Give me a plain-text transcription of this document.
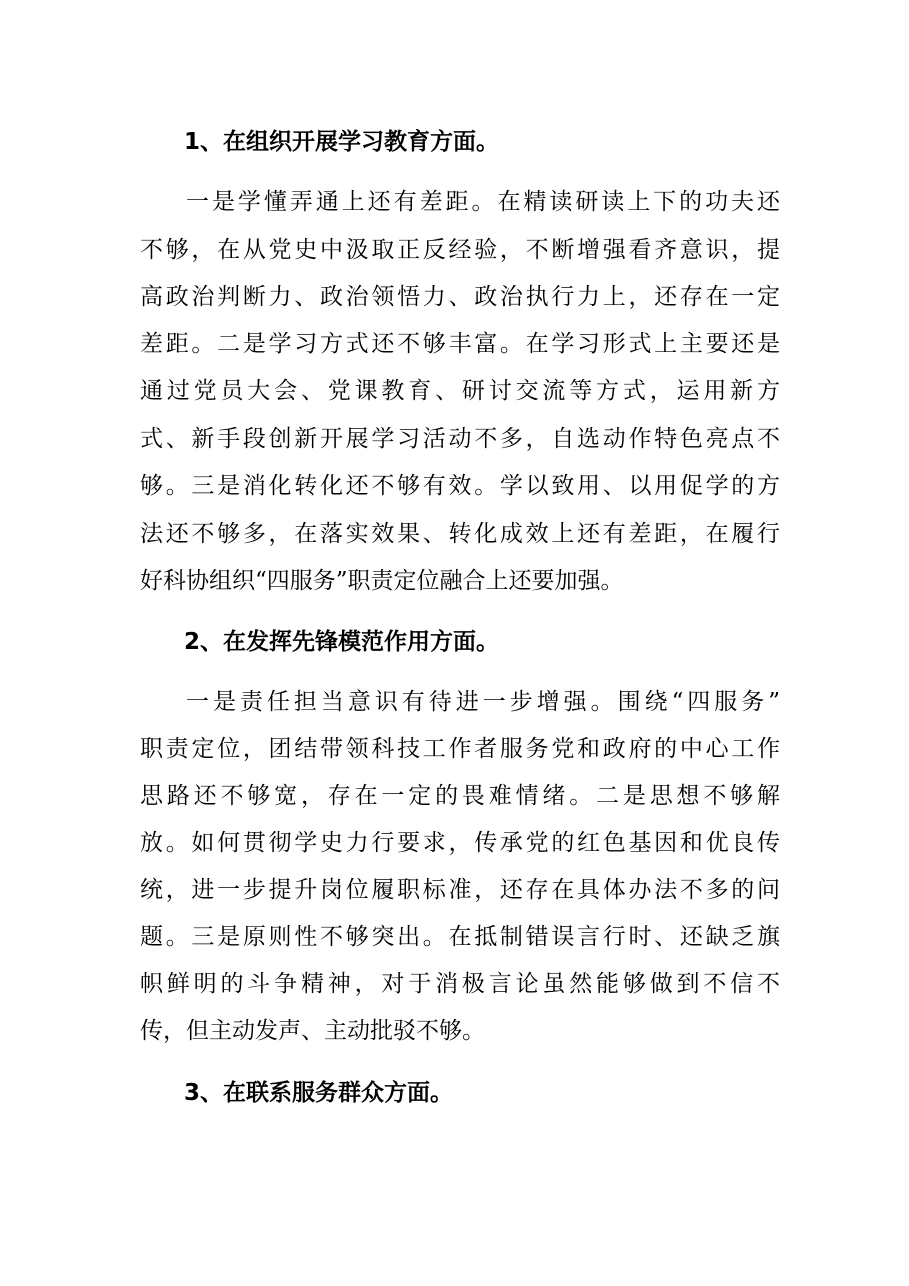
1、在组织开展学习教育方面。

一是学懂弄通上还有差距。在精读研读上下的功夫还

不够，在从党史中汲取正反经验，不断增强看齐意识，提

高政治判断力、政治领悟力、政治执行力上，还存在一定

差距。二是学习方式还不够丰富。在学习形式上主要还是

通过党员大会、党课教育、研讨交流等方式，运用新方

式、新手段创新开展学习活动不多，自选动作特色亮点不

够。三是消化转化还不够有效。学以致用、以用促学的方

法还不够多，在落实效果、转化成效上还有差距，在履行

好科协组织“四服务”职责定位融合上还要加强。

2、在发挥先锋模范作用方面。

一是责任担当意识有待进一步增强。围绕“四服务”

职责定位，团结带领科技工作者服务党和政府的中心工作

思路还不够宽，存在一定的畏难情绪。二是思想不够解

放。如何贯彻学史力行要求，传承党的红色基因和优良传

统，进一步提升岗位履职标准，还存在具体办法不多的问

题。三是原则性不够突出。在抵制错误言行时、还缺乏旗

帜鲜明的斗争精神，对于消极言论虽然能够做到不信不

传，但主动发声、主动批驳不够。

3、在联系服务群众方面。
